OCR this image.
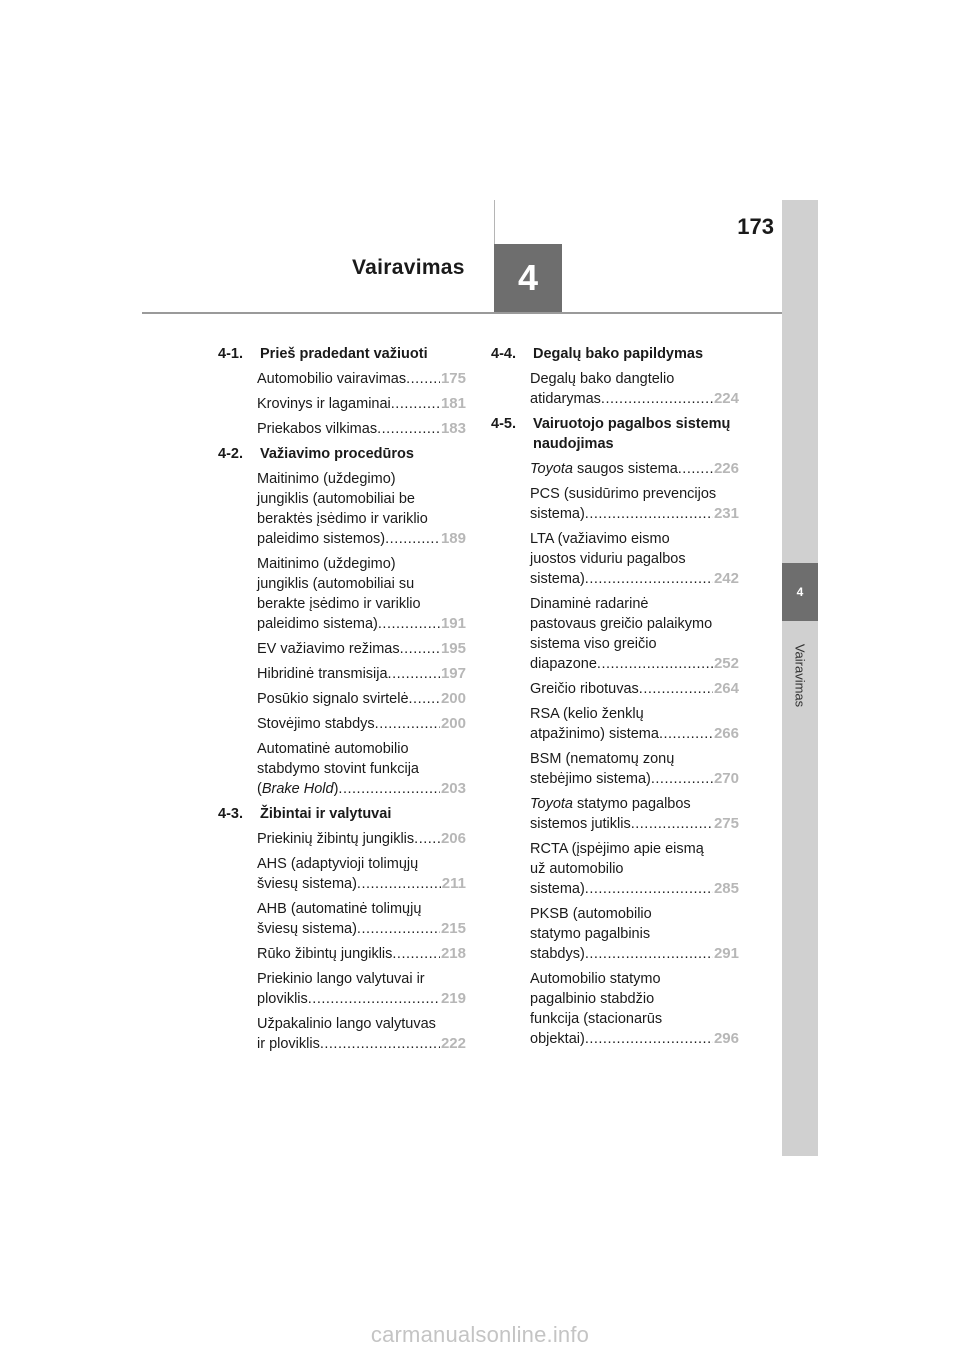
173
Vairavimas	4
4
Vairavimas
4-1. Prieš pradedant važiuoti
Automobilio vairavimas ..... 175
Krovinys ir lagaminai .....	181
Priekabos vilkimas .....	183
4-2. Važiavimo procedūros
Maitinimo (uždegimo)
jungiklis (automobiliai be
beraktės įsėdimo ir variklio
paleidimo sistemos) .....	189
Maitinimo (uždegimo)
jungiklis (automobiliai su
berakte įsėdimo ir variklio
paleidimo sistema) .....	191
EV važiavimo režimas .....	195
Hibridinė transmisija .....	197
Posūkio signalo svirtelė ..... 200
Stovėjimo stabdys .....	200
Automatinė automobilio
stabdymo stovint funkcija
(Brake Hold) .....	203
4-3. Žibintai ir valytuvai
Priekinių žibintų jungiklis ..... 206
AHS (adaptyvioji tolimųjų
šviesų sistema) .....	211
AHB (automatinė tolimųjų
šviesų sistema) .....	215
Rūko žibintų jungiklis .....	218
Priekinio lango valytuvai ir
ploviklis .....	219
Užpakalinio lango valytuvas
ir ploviklis .....	222
4-4. Degalų bako papildymas
Degalų bako dangtelio
atidarymas .....	224
4-5. Vairuotojo pagalbos sistemų naudojimas
Toyota saugos sistema ..... 226
PCS (susidūrimo prevencijos
sistema) .....	231
LTA (važiavimo eismo
juostos viduriu pagalbos
sistema) .....	242
Dinaminė radarinė
pastovaus greičio palaikymo
sistema viso greičio
diapazone .....	252
Greičio ribotuvas .....	264
RSA (kelio ženklų
atpažinimo) sistema .....	266
BSM (nematomų zonų
stebėjimo sistema) .....	270
Toyota statymo pagalbos
sistemos jutiklis .....	275
RCTA (įspėjimo apie eismą
už automobilio
sistema) .....	285
PKSB (automobilio
statymo pagalbinis
stabdys) .....	291
Automobilio statymo
pagalbinio stabdžio
funkcija (stacionarūs
objektai) .....	296
carmanualsonline.info
